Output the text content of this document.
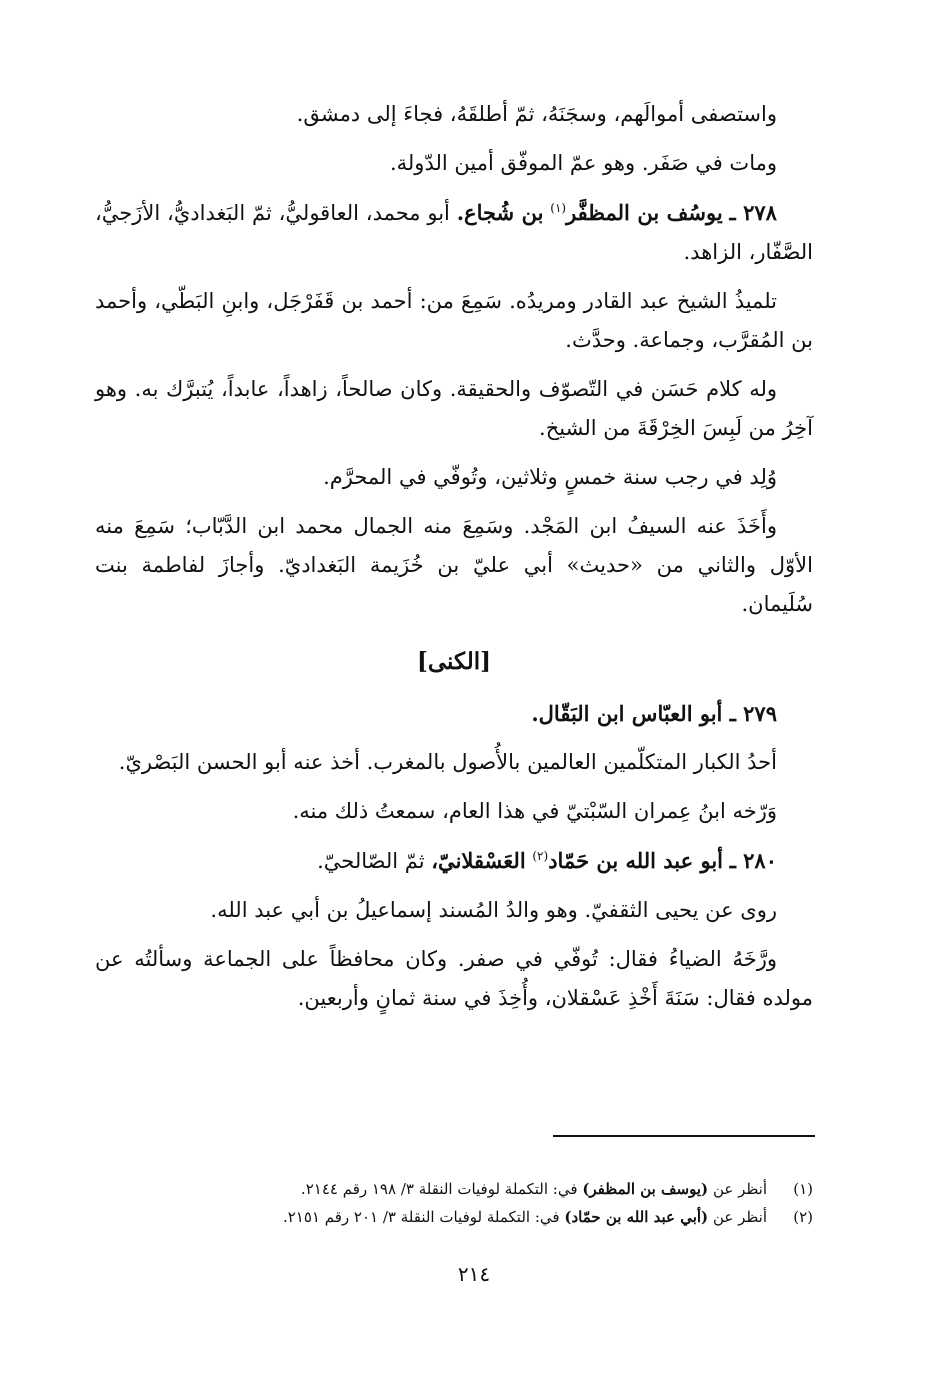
واستصفى أموالَهم، وسجَنَهُ، ثمّ أطلقَهُ، فجاءَ إلى دمشق.

ومات في صَفَر. وهو عمّ الموفّق أمين الدّولة.

٢٧٨ ـ يوسُف بن المظفَّر$^{(١)}$ بن شُجاع. أبو محمد، العاقوليُّ، ثمّ البَغداديُّ، الأزَجيُّ، الصَّفّار، الزاهد.

تلميذُ الشيخ عبد القادر ومريدُه. سَمِعَ من: أحمد بن قَفَرْجَل، وابنِ البَطّي، وأحمد بن المُقرَّب، وجماعة. وحدَّث.

وله كلام حَسَن في التّصوّف والحقيقة. وكان صالحاً، زاهداً، عابداً، يُتبرَّك به. وهو آخِرُ من لَبِسَ الخِرْقَةَ من الشيخ.

وُلِد في رجب سنة خمسٍ وثلاثين، وتُوفّي في المحرَّم.

وأَخَذَ عنه السيفُ ابن المَجْد. وسَمِعَ منه الجمال محمد ابن الدَّبّاب؛ سَمِعَ منه الأوّل والثاني من «حديث» أبي عليّ بن خُزَيمة البَغداديّ. وأجازَ لفاطمة بنت سُلَيمان.

[الكنى]

٢٧٩ ـ أبو العبّاس ابن البَقّال.

أحدُ الكبار المتكلّمين العالمين بالأُصول بالمغرب. أخذ عنه أبو الحسن البَصْريّ.

وَرّخه ابنُ عِمران السّبْتيّ في هذا العام، سمعتُ ذلك منه.

٢٨٠ ـ أبو عبد الله بن حَمّاد$^{(٢)}$ العَسْقلانيّ، ثمّ الصّالحيّ.

روى عن يحيى الثقفيّ. وهو والدُ المُسند إسماعيلُ بن أبي عبد الله.

ورَّخَهُ الضياءُ فقال: تُوفّي في صفر. وكان محافظاً على الجماعة وسألتُه عن مولده فقال: سَنَةَ أَخْذِ عَسْقلان، وأُخِذَ في سنة ثمانٍ وأربعين.

(١)
أنظر عن (يوسف بن المظفر) في: التكملة لوفيات النقلة ٣/ ١٩٨ رقم ٢١٤٤.
(٢)
أنظر عن (أبي عبد الله بن حمّاد) في: التكملة لوفيات النقلة ٣/ ٢٠١ رقم ٢١٥١.
٢١٤
